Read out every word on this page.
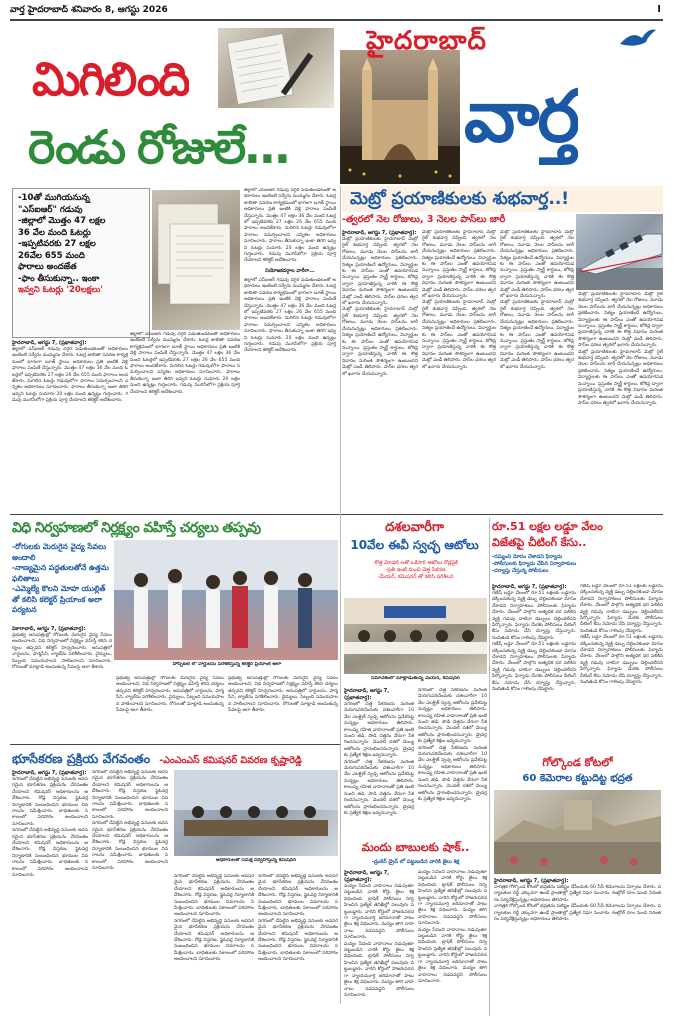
వార్త హైదరాబాద్ శనివారం 8, ఆగస్టు 2026	I
మిగిలింది
రెండు రోజులే...
హైదరాబాద్
వార్త
-10తో ముగియనున్న
"ఎస్ఐఆర్" గడువు
-జిల్లాలో మొత్తం 47 లక్షల
36 వేల మంది ఓటర్లు
-ఇప్పటివరకు 27 లక్షల
26వేల 655 మంది
ఫారాలు అందజేత
-ఫాం తీసుకున్నా.. ఇంకా
ఇవ్వని ఓటర్లు '20లక్షలు'
హైదరాబాద్, ఆగస్టు 7, (ప్రభాతవార్త):
జిల్లాలో ఎస్ఐఆర్ గడువు దగ్గర పడుతుండటంతో అధికారులు ఇంటింటి సర్వేను ముమ్మరం చేశారు. ఓటర్ల జాబితా సవరణ కార్యక్రమంలో భాగంగా బూత్ స్థాయి అధికారులు ప్రతి ఇంటికి వెళ్లి ఫారాలు పంపిణీ చేస్తున్నారు. మొత్తం 47 లక్షల 36 వేల మంది ఓటర్లలో ఇప్పటివరకు 27 లక్షల 26 వేల 655 మంది ఫారాలు అందజేశారు. మిగిలిన ఓటర్లు గడువులోగా ఫారాలు సమర్పించాలని ఎన్నికల అధికారులు సూచించారు. ఫారాలు తీసుకున్నా ఇంకా తిరిగి ఇవ్వని ఓటర్లు సుమారు 20 లక్షల మంది ఉన్నట్లు గుర్తించారు. గడువు ముగిసేలోగా ప్రక్రియ పూర్తి చేయాలని కలెక్టర్ ఆదేశించారు.
జిల్లాలో ఎస్ఐఆర్ గడువు దగ్గర పడుతుండటంతో అధికారులు ఇంటింటి సర్వేను ముమ్మరం చేశారు. ఓటర్ల జాబితా సవరణ కార్యక్రమంలో భాగంగా బూత్ స్థాయి అధికారులు ప్రతి ఇంటికి వెళ్లి ఫారాలు పంపిణీ చేస్తున్నారు. మొత్తం 47 లక్షల 36 వేల మంది ఓటర్లలో ఇప్పటివరకు 27 లక్షల 26 వేల 655 మంది ఫారాలు అందజేశారు. మిగిలిన ఓటర్లు గడువులోగా ఫారాలు సమర్పించాలని ఎన్నికల అధికారులు సూచించారు. ఫారాలు తీసుకున్నా ఇంకా తిరిగి ఇవ్వని ఓటర్లు సుమారు 20 లక్షల మంది ఉన్నట్లు గుర్తించారు. గడువు ముగిసేలోగా ప్రక్రియ పూర్తి చేయాలని కలెక్టర్ ఆదేశించారు.
జిల్లాలో ఎస్ఐఆర్ గడువు దగ్గర పడుతుండటంతో అధికారులు ఇంటింటి సర్వేను ముమ్మరం చేశారు. ఓటర్ల జాబితా సవరణ కార్యక్రమంలో భాగంగా బూత్ స్థాయి అధికారులు ప్రతి ఇంటికి వెళ్లి ఫారాలు పంపిణీ చేస్తున్నారు. మొత్తం 47 లక్షల 36 వేల మంది ఓటర్లలో ఇప్పటివరకు 27 లక్షల 26 వేల 655 మంది ఫారాలు అందజేశారు. మిగిలిన ఓటర్లు గడువులోగా ఫారాలు సమర్పించాలని ఎన్నికల అధికారులు సూచించారు. ఫారాలు తీసుకున్నా ఇంకా తిరిగి ఇవ్వని ఓటర్లు సుమారు 20 లక్షల మంది ఉన్నట్లు గుర్తించారు. గడువు ముగిసేలోగా ప్రక్రియ పూర్తి చేయాలని కలెక్టర్ ఆదేశించారు.
నియోజకవర్గాల వారీగా...
జిల్లాలో ఎస్ఐఆర్ గడువు దగ్గర పడుతుండటంతో అధికారులు ఇంటింటి సర్వేను ముమ్మరం చేశారు. ఓటర్ల జాబితా సవరణ కార్యక్రమంలో భాగంగా బూత్ స్థాయి అధికారులు ప్రతి ఇంటికి వెళ్లి ఫారాలు పంపిణీ చేస్తున్నారు. మొత్తం 47 లక్షల 36 వేల మంది ఓటర్లలో ఇప్పటివరకు 27 లక్షల 26 వేల 655 మంది ఫారాలు అందజేశారు. మిగిలిన ఓటర్లు గడువులోగా ఫారాలు సమర్పించాలని ఎన్నికల అధికారులు సూచించారు. ఫారాలు తీసుకున్నా ఇంకా తిరిగి ఇవ్వని ఓటర్లు సుమారు 20 లక్షల మంది ఉన్నట్లు గుర్తించారు. గడువు ముగిసేలోగా ప్రక్రియ పూర్తి చేయాలని కలెక్టర్ ఆదేశించారు.
మెట్రో ప్రయాణికులకు శుభవార్త..!
-త్వరలో నెల రోజులు, 3 నెలల పాస్‌లు జారీ
హైదరాబాద్, ఆగస్టు 7, (ప్రభాతవార్త):
మెట్రో ప్రయాణికులకు హైదరాబాద్ మెట్రో రైల్ శుభవార్త చెప్పింది. త్వరలో నెల రోజులు, మూడు నెలల పాస్‌లను జారీ చేయనున్నట్లు అధికారులు ప్రకటించారు. నిత్యం ప్రయాణించే ఉద్యోగులు, విద్యార్థులకు ఈ పాస్‌లు ఎంతో ఉపయోగపడనున్నాయి. ప్రస్తుతం స్మార్ట్ కార్డులు, టోకెన్ల ద్వారా ప్రయాణిస్తున్న వారికి ఈ కొత్త విధానం మరింత సౌకర్యంగా ఉంటుందని మెట్రో ఎండీ తెలిపారు. పాస్‌ల ధరలు త్వరలో ఖరారు చేయనున్నారు.
మెట్రో ప్రయాణికులకు హైదరాబాద్ మెట్రో రైల్ శుభవార్త చెప్పింది. త్వరలో నెల రోజులు, మూడు నెలల పాస్‌లను జారీ చేయనున్నట్లు అధికారులు ప్రకటించారు. నిత్యం ప్రయాణించే ఉద్యోగులు, విద్యార్థులకు ఈ పాస్‌లు ఎంతో ఉపయోగపడనున్నాయి. ప్రస్తుతం స్మార్ట్ కార్డులు, టోకెన్ల ద్వారా ప్రయాణిస్తున్న వారికి ఈ కొత్త విధానం మరింత సౌకర్యంగా ఉంటుందని మెట్రో ఎండీ తెలిపారు. పాస్‌ల ధరలు త్వరలో ఖరారు చేయనున్నారు.
మెట్రో ప్రయాణికులకు హైదరాబాద్ మెట్రో రైల్ శుభవార్త చెప్పింది. త్వరలో నెల రోజులు, మూడు నెలల పాస్‌లను జారీ చేయనున్నట్లు అధికారులు ప్రకటించారు. నిత్యం ప్రయాణించే ఉద్యోగులు, విద్యార్థులకు ఈ పాస్‌లు ఎంతో ఉపయోగపడనున్నాయి. ప్రస్తుతం స్మార్ట్ కార్డులు, టోకెన్ల ద్వారా ప్రయాణిస్తున్న వారికి ఈ కొత్త విధానం మరింత సౌకర్యంగా ఉంటుందని మెట్రో ఎండీ తెలిపారు. పాస్‌ల ధరలు త్వరలో ఖరారు చేయనున్నారు.
మెట్రో ప్రయాణికులకు హైదరాబాద్ మెట్రో రైల్ శుభవార్త చెప్పింది. త్వరలో నెల రోజులు, మూడు నెలల పాస్‌లను జారీ చేయనున్నట్లు అధికారులు ప్రకటించారు. నిత్యం ప్రయాణించే ఉద్యోగులు, విద్యార్థులకు ఈ పాస్‌లు ఎంతో ఉపయోగపడనున్నాయి. ప్రస్తుతం స్మార్ట్ కార్డులు, టోకెన్ల ద్వారా ప్రయాణిస్తున్న వారికి ఈ కొత్త విధానం మరింత సౌకర్యంగా ఉంటుందని మెట్రో ఎండీ తెలిపారు. పాస్‌ల ధరలు త్వరలో ఖరారు చేయనున్నారు.
మెట్రో ప్రయాణికులకు హైదరాబాద్ మెట్రో రైల్ శుభవార్త చెప్పింది. త్వరలో నెల రోజులు, మూడు నెలల పాస్‌లను జారీ చేయనున్నట్లు అధికారులు ప్రకటించారు. నిత్యం ప్రయాణించే ఉద్యోగులు, విద్యార్థులకు ఈ పాస్‌లు ఎంతో ఉపయోగపడనున్నాయి. ప్రస్తుతం స్మార్ట్ కార్డులు, టోకెన్ల ద్వారా ప్రయాణిస్తున్న వారికి ఈ కొత్త విధానం మరింత సౌకర్యంగా ఉంటుందని మెట్రో ఎండీ తెలిపారు. పాస్‌ల ధరలు త్వరలో ఖరారు చేయనున్నారు.
మెట్రో ప్రయాణికులకు హైదరాబాద్ మెట్రో రైల్ శుభవార్త చెప్పింది. త్వరలో నెల రోజులు, మూడు నెలల పాస్‌లను జారీ చేయనున్నట్లు అధికారులు ప్రకటించారు. నిత్యం ప్రయాణించే ఉద్యోగులు, విద్యార్థులకు ఈ పాస్‌లు ఎంతో ఉపయోగపడనున్నాయి. ప్రస్తుతం స్మార్ట్ కార్డులు, టోకెన్ల ద్వారా ప్రయాణిస్తున్న వారికి ఈ కొత్త విధానం మరింత సౌకర్యంగా ఉంటుందని మెట్రో ఎండీ తెలిపారు. పాస్‌ల ధరలు త్వరలో ఖరారు చేయనున్నారు.
మెట్రో ప్రయాణికులకు హైదరాబాద్ మెట్రో రైల్ శుభవార్త చెప్పింది. త్వరలో నెల రోజులు, మూడు నెలల పాస్‌లను జారీ చేయనున్నట్లు అధికారులు ప్రకటించారు. నిత్యం ప్రయాణించే ఉద్యోగులు, విద్యార్థులకు ఈ పాస్‌లు ఎంతో ఉపయోగపడనున్నాయి. ప్రస్తుతం స్మార్ట్ కార్డులు, టోకెన్ల ద్వారా ప్రయాణిస్తున్న వారికి ఈ కొత్త విధానం మరింత సౌకర్యంగా ఉంటుందని మెట్రో ఎండీ తెలిపారు. పాస్‌ల ధరలు త్వరలో ఖరారు చేయనున్నారు.
మెట్రో ప్రయాణికులకు హైదరాబాద్ మెట్రో రైల్ శుభవార్త చెప్పింది. త్వరలో నెల రోజులు, మూడు నెలల పాస్‌లను జారీ చేయనున్నట్లు అధికారులు ప్రకటించారు. నిత్యం ప్రయాణించే ఉద్యోగులు, విద్యార్థులకు ఈ పాస్‌లు ఎంతో ఉపయోగపడనున్నాయి. ప్రస్తుతం స్మార్ట్ కార్డులు, టోకెన్ల ద్వారా ప్రయాణిస్తున్న వారికి ఈ కొత్త విధానం మరింత సౌకర్యంగా ఉంటుందని మెట్రో ఎండీ తెలిపారు. పాస్‌ల ధరలు త్వరలో ఖరారు చేయనున్నారు.
విధి నిర్వహణలో నిర్లక్ష్యం వహిస్తే చర్యలు తప్పవు
-రోగులకు మెరుగైన వైద్య సేవలు అందాలి
-నాణ్యమైన పద్ధతులతోనే ఉత్తమ ఫలితాలు
-ఎమ్మెల్యే కొలని మోహ యుల్లిత్ తో కలిసి కలెక్టర్ ప్రియాంక అలా పర్యటన
వికారాబాద్, ఆగస్టు 7, (ప్రభాతవార్త):
ప్రభుత్వ ఆసుపత్రుల్లో రోగులకు మెరుగైన వైద్య సేవలు అందించాలని, విధి నిర్వహణలో నిర్లక్ష్యం వహిస్తే కఠిన చర్యలు తప్పవని కలెక్టర్ హెచ్చరించారు. ఆసుపత్రిలో వార్డులను, ఫార్మసీని, ల్యాబ్‌ను పరిశీలించారు. వైద్యులు, సిబ్బంది సమయపాలన పాటించాలని సూచించారు. రోగులతో మాట్లాడి అందుతున్న సేవలపై ఆరా తీశారు.
హాస్పిటల్ లో వార్డులను పరిశీలిస్తున్న కలెక్టర్ ప్రియాంక అలా
ప్రభుత్వ ఆసుపత్రుల్లో రోగులకు మెరుగైన వైద్య సేవలు అందించాలని, విధి నిర్వహణలో నిర్లక్ష్యం వహిస్తే కఠిన చర్యలు తప్పవని కలెక్టర్ హెచ్చరించారు. ఆసుపత్రిలో వార్డులను, ఫార్మసీని, ల్యాబ్‌ను పరిశీలించారు. వైద్యులు, సిబ్బంది సమయపాలన పాటించాలని సూచించారు. రోగులతో మాట్లాడి అందుతున్న సేవలపై ఆరా తీశారు.
ప్రభుత్వ ఆసుపత్రుల్లో రోగులకు మెరుగైన వైద్య సేవలు అందించాలని, విధి నిర్వహణలో నిర్లక్ష్యం వహిస్తే కఠిన చర్యలు తప్పవని కలెక్టర్ హెచ్చరించారు. ఆసుపత్రిలో వార్డులను, ఫార్మసీని, ల్యాబ్‌ను పరిశీలించారు. వైద్యులు, సిబ్బంది సమయపాలన పాటించాలని సూచించారు. రోగులతో మాట్లాడి అందుతున్న సేవలపై ఆరా తీశారు.
దశలవారీగా
10వేల ఈవీ స్వచ్ఛ ఆటోలు
-కొత్త మోడల్ లతో ఒకేసారి ఆటోలు రోడ్లపైకి
-ప్రతి ఇంటి నుంచి చెత్త సేకరణ
-మేయర్, కమిషనర్ తో కలిసి పరిశీలన
సమావేశంలో మాట్లాడుతున్న మేయర్, కమిషనర్
హైదరాబాద్, ఆగస్టు 7, (ప్రభాతవార్త):
నగరంలో చెత్త సేకరణను మరింత మెరుగుపరిచేందుకు దశలవారీగా 10 వేల ఎలక్ట్రిక్ స్వచ్ఛ ఆటోలను ప్రవేశపెట్టనున్నట్లు అధికారులు తెలిపారు. కాలుష్య రహిత వాహనాలతో ప్రతి ఇంటి నుంచి తడి, పొడి చెత్తను వేరుగా సేకరించనున్నారు. మొదటి దశలో వెయ్యి ఆటోలను ప్రారంభించనున్నారు. డ్రైవర్లకు ప్రత్యేక శిక్షణ ఇవ్వనున్నారు.
నగరంలో చెత్త సేకరణను మరింత మెరుగుపరిచేందుకు దశలవారీగా 10 వేల ఎలక్ట్రిక్ స్వచ్ఛ ఆటోలను ప్రవేశపెట్టనున్నట్లు అధికారులు తెలిపారు. కాలుష్య రహిత వాహనాలతో ప్రతి ఇంటి నుంచి తడి, పొడి చెత్తను వేరుగా సేకరించనున్నారు. మొదటి దశలో వెయ్యి ఆటోలను ప్రారంభించనున్నారు. డ్రైవర్లకు ప్రత్యేక శిక్షణ ఇవ్వనున్నారు.
నగరంలో చెత్త సేకరణను మరింత మెరుగుపరిచేందుకు దశలవారీగా 10 వేల ఎలక్ట్రిక్ స్వచ్ఛ ఆటోలను ప్రవేశపెట్టనున్నట్లు అధికారులు తెలిపారు. కాలుష్య రహిత వాహనాలతో ప్రతి ఇంటి నుంచి తడి, పొడి చెత్తను వేరుగా సేకరించనున్నారు. మొదటి దశలో వెయ్యి ఆటోలను ప్రారంభించనున్నారు. డ్రైవర్లకు ప్రత్యేక శిక్షణ ఇవ్వనున్నారు.
నగరంలో చెత్త సేకరణను మరింత మెరుగుపరిచేందుకు దశలవారీగా 10 వేల ఎలక్ట్రిక్ స్వచ్ఛ ఆటోలను ప్రవేశపెట్టనున్నట్లు అధికారులు తెలిపారు. కాలుష్య రహిత వాహనాలతో ప్రతి ఇంటి నుంచి తడి, పొడి చెత్తను వేరుగా సేకరించనున్నారు. మొదటి దశలో వెయ్యి ఆటోలను ప్రారంభించనున్నారు. డ్రైవర్లకు ప్రత్యేక శిక్షణ ఇవ్వనున్నారు.
రూ.51 లక్షల లడ్డూ వేలం
విజేతపై చీటింగ్ కేసు..
-నమ్మించి మోసం చేశాడని ఫిర్యాదు
-పోలీసులకు ఫిర్యాదు చేసిన నిర్వాహకులు
-దర్యాప్తు చేస్తున్న పోలీసులు
హైదరాబాద్, ఆగస్టు 7, (ప్రభాతవార్త):
గణేష్ లడ్డూ వేలంలో రూ.51 లక్షలకు లడ్డూను దక్కించుకున్న వ్యక్తి డబ్బు చెల్లించకుండా మోసం చేశాడని నిర్వాహకులు పోలీసులకు ఫిర్యాదు చేశారు. వేలంలో పాల్గొని అత్యధిక ధర పలికిన వ్యక్తి గడువు దాటినా డబ్బులు చెల్లించలేదని పేర్కొన్నారు. ఫిర్యాదు మేరకు పోలీసులు చీటింగ్ కేసు నమోదు చేసి దర్యాప్తు చేస్తున్నారు. నిందితుడి కోసం గాలింపు చేపట్టారు.
గణేష్ లడ్డూ వేలంలో రూ.51 లక్షలకు లడ్డూను దక్కించుకున్న వ్యక్తి డబ్బు చెల్లించకుండా మోసం చేశాడని నిర్వాహకులు పోలీసులకు ఫిర్యాదు చేశారు. వేలంలో పాల్గొని అత్యధిక ధర పలికిన వ్యక్తి గడువు దాటినా డబ్బులు చెల్లించలేదని పేర్కొన్నారు. ఫిర్యాదు మేరకు పోలీసులు చీటింగ్ కేసు నమోదు చేసి దర్యాప్తు చేస్తున్నారు. నిందితుడి కోసం గాలింపు చేపట్టారు.
గణేష్ లడ్డూ వేలంలో రూ.51 లక్షలకు లడ్డూను దక్కించుకున్న వ్యక్తి డబ్బు చెల్లించకుండా మోసం చేశాడని నిర్వాహకులు పోలీసులకు ఫిర్యాదు చేశారు. వేలంలో పాల్గొని అత్యధిక ధర పలికిన వ్యక్తి గడువు దాటినా డబ్బులు చెల్లించలేదని పేర్కొన్నారు. ఫిర్యాదు మేరకు పోలీసులు చీటింగ్ కేసు నమోదు చేసి దర్యాప్తు చేస్తున్నారు. నిందితుడి కోసం గాలింపు చేపట్టారు.
గణేష్ లడ్డూ వేలంలో రూ.51 లక్షలకు లడ్డూను దక్కించుకున్న వ్యక్తి డబ్బు చెల్లించకుండా మోసం చేశాడని నిర్వాహకులు పోలీసులకు ఫిర్యాదు చేశారు. వేలంలో పాల్గొని అత్యధిక ధర పలికిన వ్యక్తి గడువు దాటినా డబ్బులు చెల్లించలేదని పేర్కొన్నారు. ఫిర్యాదు మేరకు పోలీసులు చీటింగ్ కేసు నమోదు చేసి దర్యాప్తు చేస్తున్నారు. నిందితుడి కోసం గాలింపు చేపట్టారు.
గోల్కొండ కోటలో
60 కెమెరాల కట్టుదిట్ట భద్రత
హైదరాబాద్, ఆగస్టు 7, (ప్రభాతవార్త):
చారిత్రక గోల్కొండ కోటలో భద్రతను పటిష్టం చేసేందుకు 60 సీసీ కెమెరాలను ఏర్పాటు చేశారు. పర్యాటకుల రద్దీ ఎక్కువగా ఉండే ప్రాంతాల్లో ప్రత్యేక నిఘా పెంచారు. కంట్రోల్ రూం నుంచి నిరంతరం పర్యవేక్షిస్తున్నట్లు అధికారులు తెలిపారు.
చారిత్రక గోల్కొండ కోటలో భద్రతను పటిష్టం చేసేందుకు 60 సీసీ కెమెరాలను ఏర్పాటు చేశారు. పర్యాటకుల రద్దీ ఎక్కువగా ఉండే ప్రాంతాల్లో ప్రత్యేక నిఘా పెంచారు. కంట్రోల్ రూం నుంచి నిరంతరం పర్యవేక్షిస్తున్నట్లు అధికారులు తెలిపారు.
భూసేకరణ ప్రక్రియ వేగవంతం -ఎంఎంఎస్ కమిషనర్ వివరణ కృష్ణారెడ్డి
హైదరాబాద్, ఆగస్టు 7, (ప్రభాతవార్త):
నగరంలో చేపట్టిన అభివృద్ధి పనులకు అవసరమైన భూసేకరణ ప్రక్రియను వేగవంతం చేయాలని కమిషనర్ అధికారులను ఆదేశించారు. రోడ్ల విస్తరణ, ఫ్లైఓవర్ల నిర్మాణానికి సంబంధించిన భూముల వివరాలను సమీక్షించారు. బాధితులకు సకాలంలో పరిహారం అందించాలని సూచించారు.
నగరంలో చేపట్టిన అభివృద్ధి పనులకు అవసరమైన భూసేకరణ ప్రక్రియను వేగవంతం చేయాలని కమిషనర్ అధికారులను ఆదేశించారు. రోడ్ల విస్తరణ, ఫ్లైఓవర్ల నిర్మాణానికి సంబంధించిన భూముల వివరాలను సమీక్షించారు. బాధితులకు సకాలంలో పరిహారం అందించాలని సూచించారు.
నగరంలో చేపట్టిన అభివృద్ధి పనులకు అవసరమైన భూసేకరణ ప్రక్రియను వేగవంతం చేయాలని కమిషనర్ అధికారులను ఆదేశించారు. రోడ్ల విస్తరణ, ఫ్లైఓవర్ల నిర్మాణానికి సంబంధించిన భూముల వివరాలను సమీక్షించారు. బాధితులకు సకాలంలో పరిహారం అందించాలని సూచించారు.
నగరంలో చేపట్టిన అభివృద్ధి పనులకు అవసరమైన భూసేకరణ ప్రక్రియను వేగవంతం చేయాలని కమిషనర్ అధికారులను ఆదేశించారు. రోడ్ల విస్తరణ, ఫ్లైఓవర్ల నిర్మాణానికి సంబంధించిన భూముల వివరాలను సమీక్షించారు. బాధితులకు సకాలంలో పరిహారం అందించాలని సూచించారు.
అధికారులతో సమీక్ష నిర్వహిస్తున్న కమిషనర్
నగరంలో చేపట్టిన అభివృద్ధి పనులకు అవసరమైన భూసేకరణ ప్రక్రియను వేగవంతం చేయాలని కమిషనర్ అధికారులను ఆదేశించారు. రోడ్ల విస్తరణ, ఫ్లైఓవర్ల నిర్మాణానికి సంబంధించిన భూముల వివరాలను సమీక్షించారు. బాధితులకు సకాలంలో పరిహారం అందించాలని సూచించారు.
నగరంలో చేపట్టిన అభివృద్ధి పనులకు అవసరమైన భూసేకరణ ప్రక్రియను వేగవంతం చేయాలని కమిషనర్ అధికారులను ఆదేశించారు. రోడ్ల విస్తరణ, ఫ్లైఓవర్ల నిర్మాణానికి సంబంధించిన భూముల వివరాలను సమీక్షించారు. బాధితులకు సకాలంలో పరిహారం అందించాలని సూచించారు.
నగరంలో చేపట్టిన అభివృద్ధి పనులకు అవసరమైన భూసేకరణ ప్రక్రియను వేగవంతం చేయాలని కమిషనర్ అధికారులను ఆదేశించారు. రోడ్ల విస్తరణ, ఫ్లైఓవర్ల నిర్మాణానికి సంబంధించిన భూముల వివరాలను సమీక్షించారు. బాధితులకు సకాలంలో పరిహారం అందించాలని సూచించారు.
నగరంలో చేపట్టిన అభివృద్ధి పనులకు అవసరమైన భూసేకరణ ప్రక్రియను వేగవంతం చేయాలని కమిషనర్ అధికారులను ఆదేశించారు. రోడ్ల విస్తరణ, ఫ్లైఓవర్ల నిర్మాణానికి సంబంధించిన భూముల వివరాలను సమీక్షించారు. బాధితులకు సకాలంలో పరిహారం అందించాలని సూచించారు.
మందు బాబులకు షాక్..
-డ్రంకెన్ డ్రైవ్ లో పట్టుబడిన వారికి జైలు శిక్ష
హైదరాబాద్, ఆగస్టు 7, (ప్రభాతవార్త):
మద్యం సేవించి వాహనాలు నడుపుతూ పట్టుబడిన వారికి కోర్టు జైలు శిక్ష విధించింది. ట్రాఫిక్ పోలీసులు నిర్వహించిన ప్రత్యేక తనిఖీల్లో పలువురు పట్టుబడ్డారు. వారిని కోర్టులో హాజరుపరచగా న్యాయమూర్తి జరిమానాతో పాటు జైలు శిక్ష విధించారు. మద్యం తాగి వాహనాలు నడపవద్దని పోలీసులు సూచించారు.
మద్యం సేవించి వాహనాలు నడుపుతూ పట్టుబడిన వారికి కోర్టు జైలు శిక్ష విధించింది. ట్రాఫిక్ పోలీసులు నిర్వహించిన ప్రత్యేక తనిఖీల్లో పలువురు పట్టుబడ్డారు. వారిని కోర్టులో హాజరుపరచగా న్యాయమూర్తి జరిమానాతో పాటు జైలు శిక్ష విధించారు. మద్యం తాగి వాహనాలు నడపవద్దని పోలీసులు సూచించారు.
మద్యం సేవించి వాహనాలు నడుపుతూ పట్టుబడిన వారికి కోర్టు జైలు శిక్ష విధించింది. ట్రాఫిక్ పోలీసులు నిర్వహించిన ప్రత్యేక తనిఖీల్లో పలువురు పట్టుబడ్డారు. వారిని కోర్టులో హాజరుపరచగా న్యాయమూర్తి జరిమానాతో పాటు జైలు శిక్ష విధించారు. మద్యం తాగి వాహనాలు నడపవద్దని పోలీసులు సూచించారు.
మద్యం సేవించి వాహనాలు నడుపుతూ పట్టుబడిన వారికి కోర్టు జైలు శిక్ష విధించింది. ట్రాఫిక్ పోలీసులు నిర్వహించిన ప్రత్యేక తనిఖీల్లో పలువురు పట్టుబడ్డారు. వారిని కోర్టులో హాజరుపరచగా న్యాయమూర్తి జరిమానాతో పాటు జైలు శిక్ష విధించారు. మద్యం తాగి వాహనాలు నడపవద్దని పోలీసులు సూచించారు.
